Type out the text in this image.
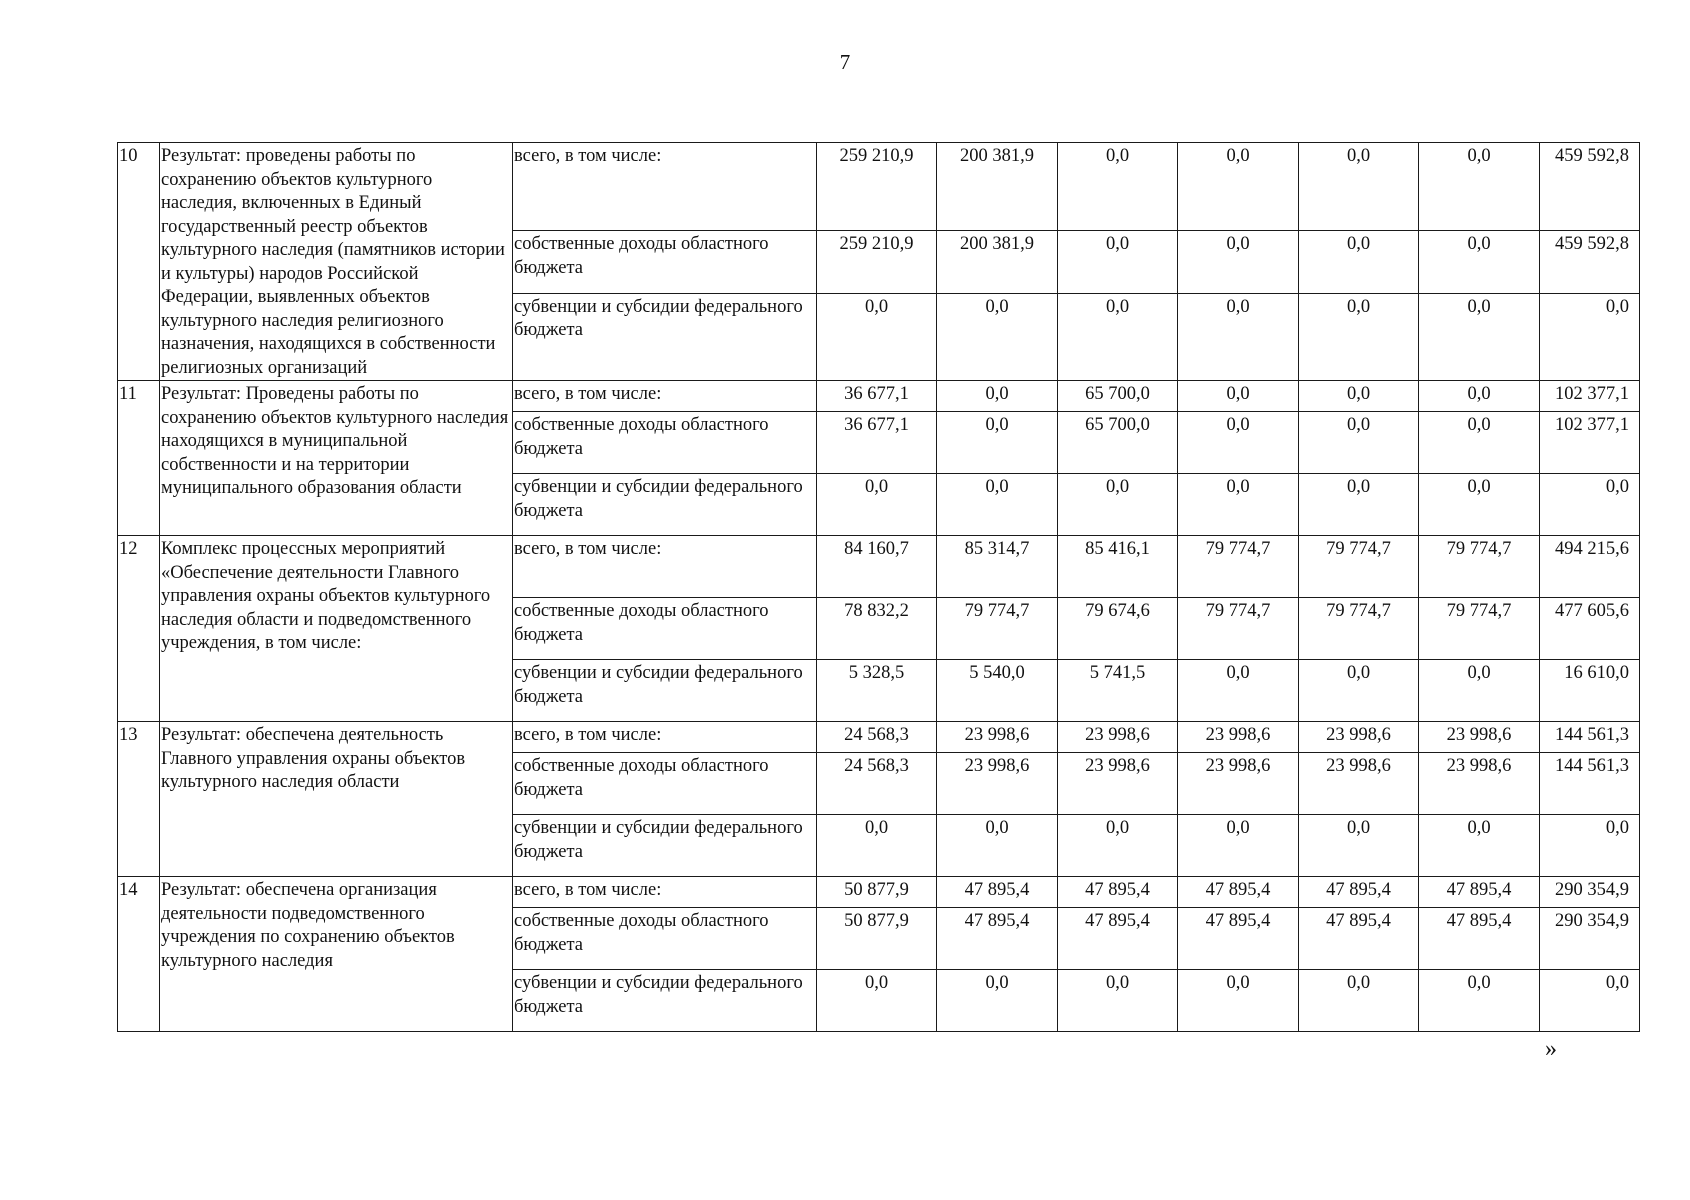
7
10	Результат: проведены работы по сохранению объектов культурного наследия, включенных в Единый государственный реестр объектов культурного наследия (памятников истории и культуры) народов Российской Федерации, выявленных объектов культурного наследия религиозного назначения, находящихся в собственности религиозных организаций	всего, в том числе:	259 210,9	200 381,9	0,0	0,0	0,0	0,0	459 592,8
		собственные доходы областного бюджета	259 210,9	200 381,9	0,0	0,0	0,0	0,0	459 592,8
		субвенции и субсидии федерального бюджета	0,0	0,0	0,0	0,0	0,0	0,0	0,0
11	Результат: Проведены работы по сохранению объектов культурного наследия находящихся в муниципальной собственности и на территории муниципального образования области	всего, в том числе:	36 677,1	0,0	65 700,0	0,0	0,0	0,0	102 377,1
		собственные доходы областного бюджета	36 677,1	0,0	65 700,0	0,0	0,0	0,0	102 377,1
		субвенции и субсидии федерального бюджета	0,0	0,0	0,0	0,0	0,0	0,0	0,0
12	Комплекс процессных мероприятий «Обеспечение деятельности Главного управления охраны объектов культурного наследия области и подведомственного учреждения, в том числе:	всего, в том числе:	84 160,7	85 314,7	85 416,1	79 774,7	79 774,7	79 774,7	494 215,6
		собственные доходы областного бюджета	78 832,2	79 774,7	79 674,6	79 774,7	79 774,7	79 774,7	477 605,6
		субвенции и субсидии федерального бюджета	5 328,5	5 540,0	5 741,5	0,0	0,0	0,0	16 610,0
13	Результат: обеспечена деятельность Главного управления охраны объектов культурного наследия области	всего, в том числе:	24 568,3	23 998,6	23 998,6	23 998,6	23 998,6	23 998,6	144 561,3
		собственные доходы областного бюджета	24 568,3	23 998,6	23 998,6	23 998,6	23 998,6	23 998,6	144 561,3
		субвенции и субсидии федерального бюджета	0,0	0,0	0,0	0,0	0,0	0,0	0,0
14	Результат: обеспечена организация деятельности подведомственного учреждения по сохранению объектов культурного наследия	всего, в том числе:	50 877,9	47 895,4	47 895,4	47 895,4	47 895,4	47 895,4	290 354,9
		собственные доходы областного бюджета	50 877,9	47 895,4	47 895,4	47 895,4	47 895,4	47 895,4	290 354,9
		субвенции и субсидии федерального бюджета	0,0	0,0	0,0	0,0	0,0	0,0	0,0
»
